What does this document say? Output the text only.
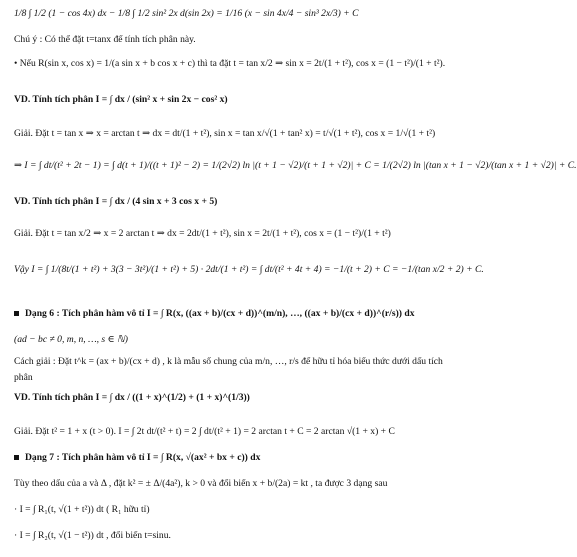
1/8 ∫ 1/2 (1 − cos 4x) dx − 1/8 ∫ 1/2 sin² 2x d(sin 2x) = 1/16 (x − sin 4x/4 − sin³ 2x/3) + C
Chú ý : Có thể đặt t=tanx để tính tích phân này.
• Nếu R(sin x, cos x) = 1/(a sin x + b cos x + c) thì ta đặt t = tan x/2 ⇒ sin x = 2t/(1 + t²), cos x = (1 − t²)/(1 + t²).
VD. Tính tích phân I = ∫ dx / (sin² x + sin 2x − cos² x)
Giải. Đặt t = tan x ⇒ x = arctan t ⇒ dx = dt/(1 + t²), sin x = tan x/√(1 + tan² x) = t/√(1 + t²), cos x = 1/√(1 + t²)
⇒ I = ∫ dt/(t² + 2t − 1) = ∫ d(t + 1)/((t + 1)² − 2) = 1/(2√2) ln |(t + 1 − √2)/(t + 1 + √2)| + C = 1/(2√2) ln |(tan x + 1 − √2)/(tan x + 1 + √2)| + C.
VD. Tính tích phân I = ∫ dx / (4 sin x + 3 cos x + 5)
Giải. Đặt t = tan x/2 ⇒ x = 2 arctan t ⇒ dx = 2dt/(1 + t²), sin x = 2t/(1 + t²), cos x = (1 − t²)/(1 + t²)
Vậy I = ∫ 1/(8t/(1 + t²) + 3(3 − 3t²)/(1 + t²) + 5) · 2dt/(1 + t²) = ∫ dt/(t² + 4t + 4) = −1/(t + 2) + C = −1/(tan x/2 + 2) + C.
Dạng 6 : Tích phân hàm vô tỉ I = ∫ R(x, ((ax + b)/(cx + d))^(m/n), …, ((ax + b)/(cx + d))^(r/s)) dx
(ad − bc ≠ 0, m, n, …, s ∈ ℕ)
Cách giải : Đặt t^k = (ax + b)/(cx + d) , k là mẫu số chung của m/n, …, r/s để hữu tỉ hóa biểu thức dưới dấu tích
phân
VD. Tính tích phân I = ∫ dx / ((1 + x)^(1/2) + (1 + x)^(1/3))
Giải. Đặt t² = 1 + x (t > 0). I = ∫ 2t dt/(t² + t) = 2 ∫ dt/(t² + 1) = 2 arctan t + C = 2 arctan √(1 + x) + C
Dạng 7 : Tích phân hàm vô tỉ I = ∫ R(x, √(ax² + bx + c)) dx
Tùy theo dấu của a và Δ , đặt k² = ± Δ/(4a²), k > 0 và đổi biến x + b/(2a) = kt , ta được 3 dạng sau
· I = ∫ R₁(t, √(1 + t²)) dt ( R₁ hữu tỉ)
· I = ∫ R₂(t, √(1 − t²)) dt , đổi biến t=sinu.
